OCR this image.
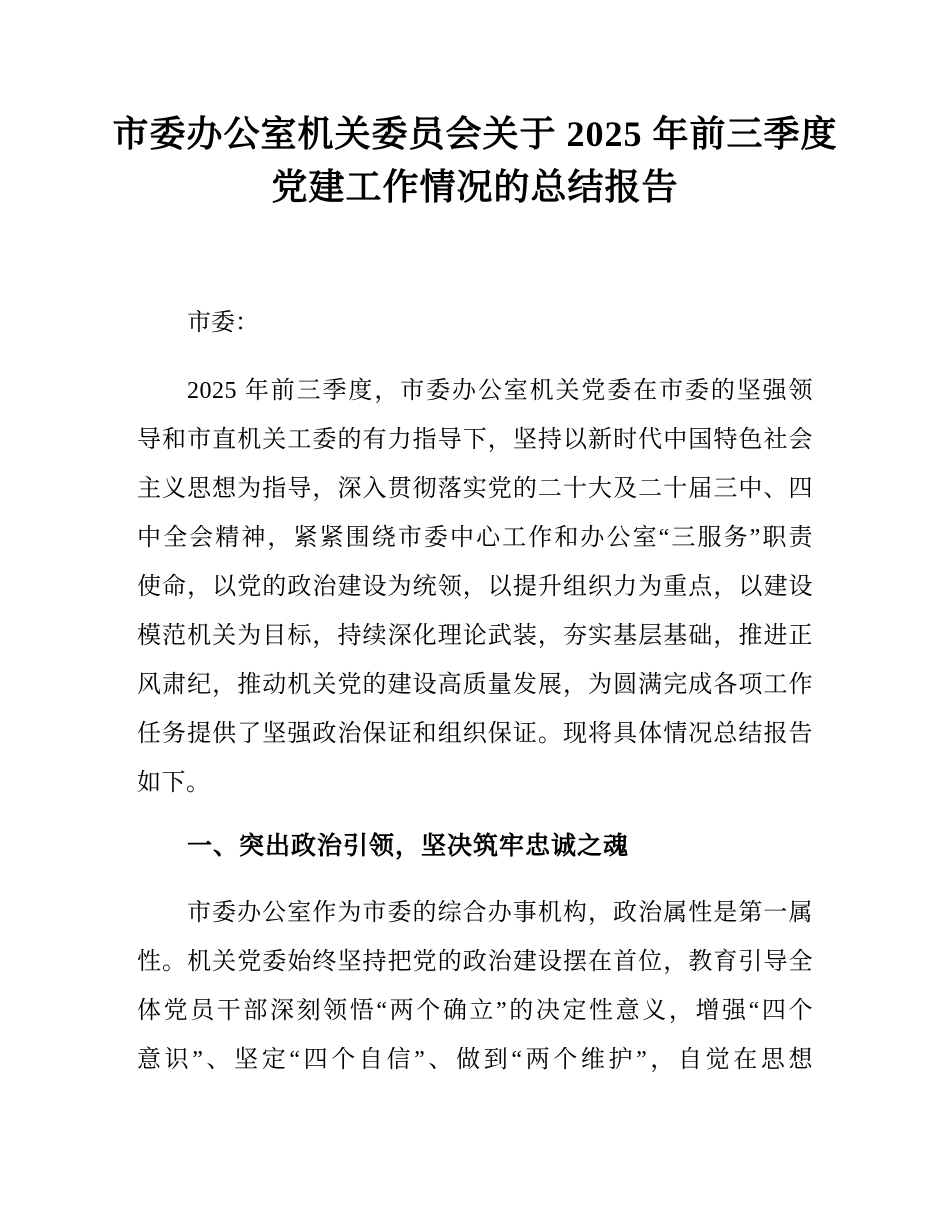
市委办公室机关委员会关于 2025 年前三季度
党建工作情况的总结报告
市委：
2025 年前三季度，市委办公室机关党委在市委的坚强领
导和市直机关工委的有力指导下，坚持以新时代中国特色社会
主义思想为指导，深入贯彻落实党的二十大及二十届三中、四
中全会精神，紧紧围绕市委中心工作和办公室“三服务”职责
使命，以党的政治建设为统领，以提升组织力为重点，以建设
模范机关为目标，持续深化理论武装，夯实基层基础，推进正
风肃纪，推动机关党的建设高质量发展，为圆满完成各项工作
任务提供了坚强政治保证和组织保证。现将具体情况总结报告
如下。
一、突出政治引领，坚决筑牢忠诚之魂
市委办公室作为市委的综合办事机构，政治属性是第一属
性。机关党委始终坚持把党的政治建设摆在首位，教育引导全
体党员干部深刻领悟“两个确立”的决定性意义，增强“四个
意识”、坚定“四个自信”、做到“两个维护”，自觉在思想
